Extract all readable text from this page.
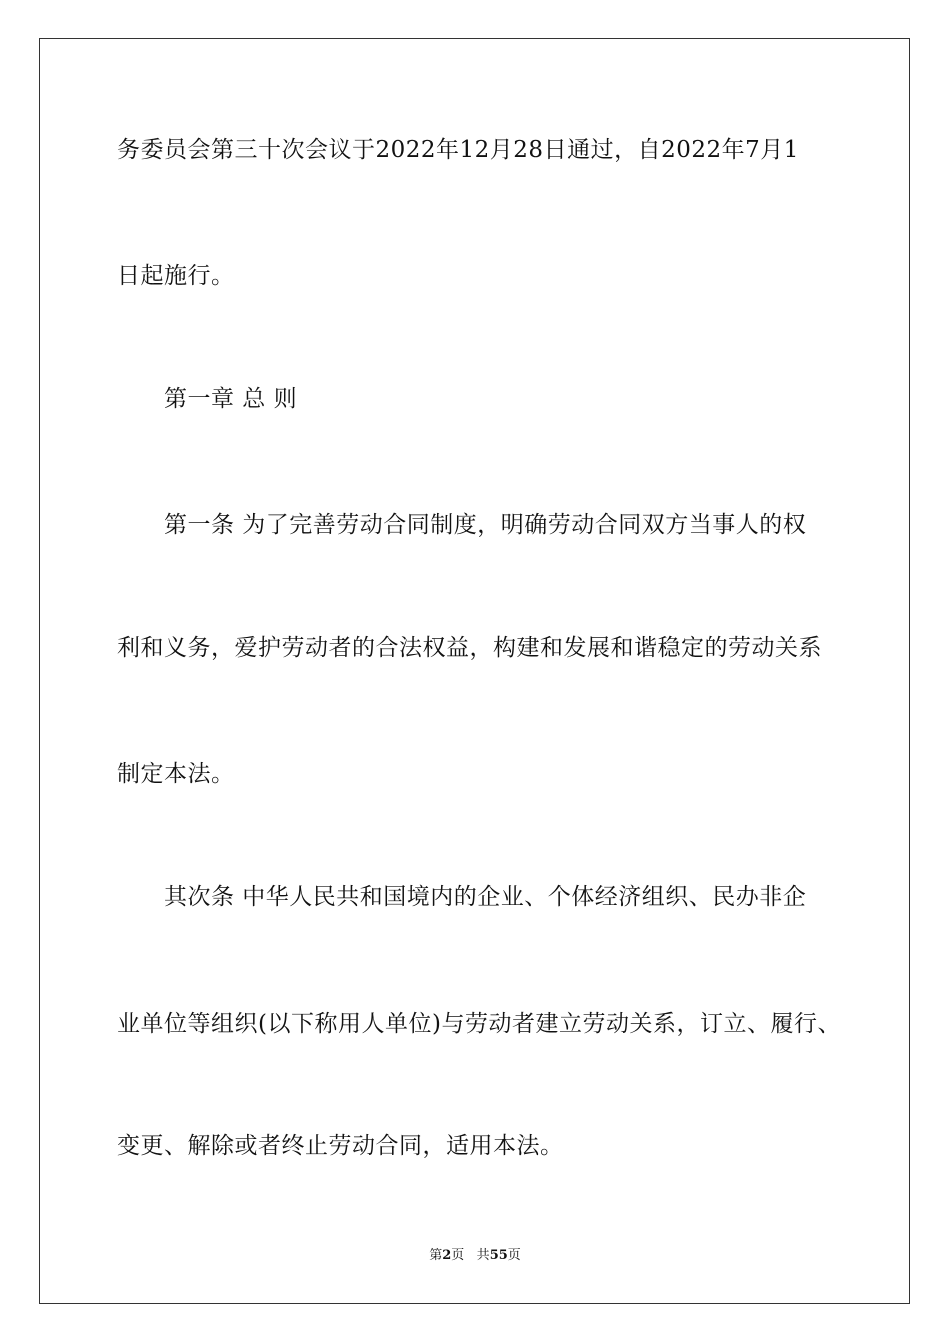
务委员会第三十次会议于2022年12月28日通过，自2022年7月1
日起施行。
第一章 总 则
第一条 为了完善劳动合同制度，明确劳动合同双方当事人的权
利和义务，爱护劳动者的合法权益，构建和发展和谐稳定的劳动关系
制定本法。
其次条 中华人民共和国境内的企业、个体经济组织、民办非企
业单位等组织(以下称用人单位)与劳动者建立劳动关系，订立、履行、
变更、解除或者终止劳动合同，适用本法。
第2页 共55页
